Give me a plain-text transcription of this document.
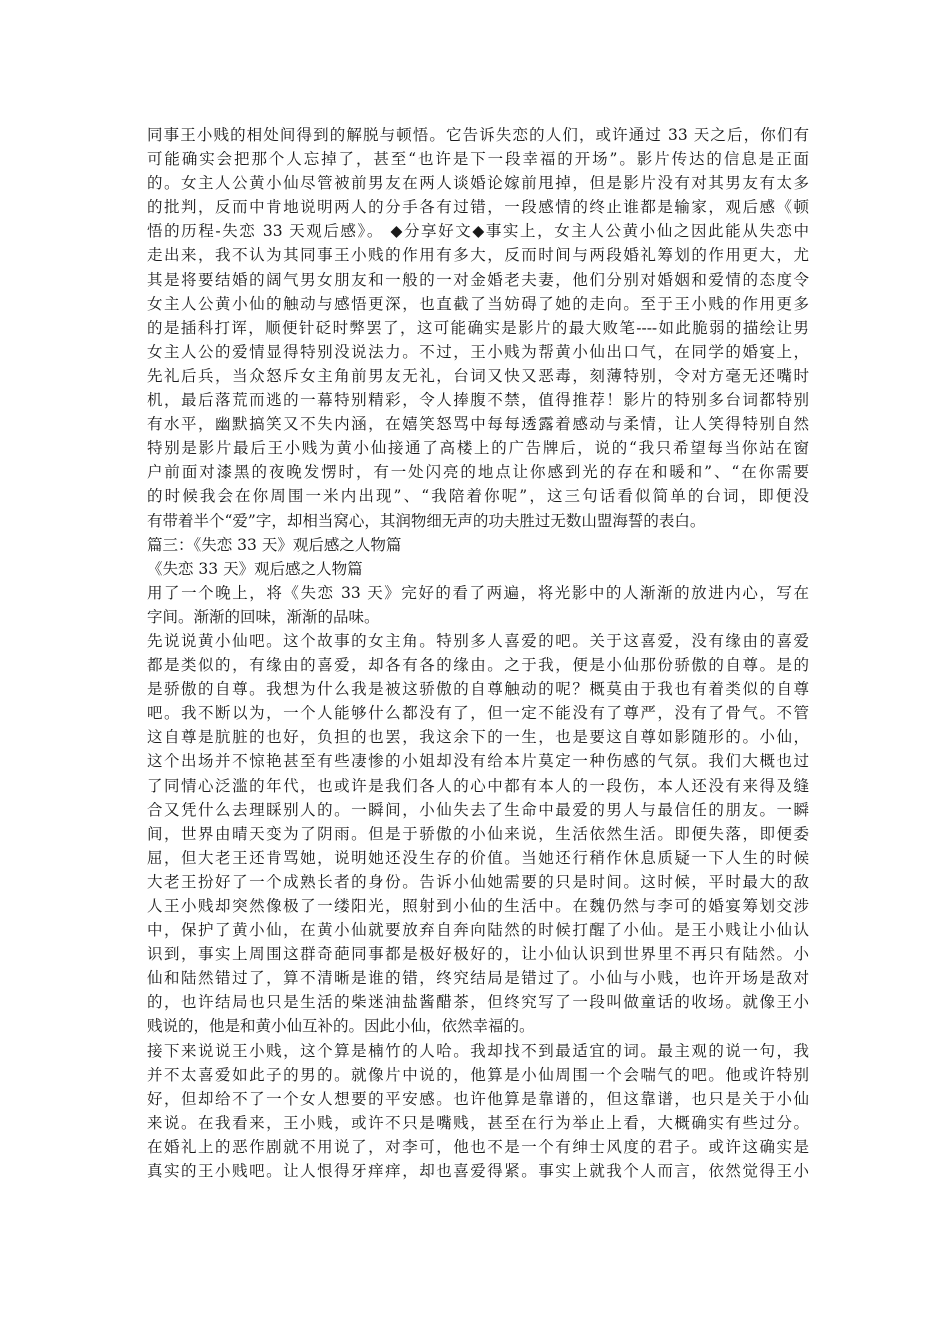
同事王小贱的相处间得到的解脱与顿悟。它告诉失恋的人们，或许通过 33 天之后，你们有
可能确实会把那个人忘掉了，甚至“也许是下一段幸福的开场”。影片传达的信息是正面
的。女主人公黄小仙尽管被前男友在两人谈婚论嫁前甩掉，但是影片没有对其男友有太多
的批判，反而中肯地说明两人的分手各有过错，一段感情的终止谁都是输家，观后感《顿
悟的历程-失恋 33 天观后感》。 ◆分享好文◆事实上，女主人公黄小仙之因此能从失恋中
走出来，我不认为其同事王小贱的作用有多大，反而时间与两段婚礼筹划的作用更大，尤
其是将要结婚的阔气男女朋友和一般的一对金婚老夫妻，他们分别对婚姻和爱情的态度令
女主人公黄小仙的触动与感悟更深，也直截了当妨碍了她的走向。至于王小贱的作用更多
的是插科打诨，顺便针砭时弊罢了，这可能确实是影片的最大败笔----如此脆弱的描绘让男
女主人公的爱情显得特别没说法力。不过，王小贱为帮黄小仙出口气，在同学的婚宴上，
先礼后兵，当众怒斥女主角前男友无礼，台词又快又恶毒，刻薄特别，令对方毫无还嘴时
机，最后落荒而逃的一幕特别精彩，令人捧腹不禁，值得推荐！影片的特别多台词都特别
有水平，幽默搞笑又不失内涵，在嬉笑怒骂中每每透露着感动与柔情，让人笑得特别自然
特别是影片最后王小贱为黄小仙接通了高楼上的广告牌后，说的“我只希望每当你站在窗
户前面对漆黑的夜晚发愣时，有一处闪亮的地点让你感到光的存在和暖和”、“在你需要
的时候我会在你周围一米内出现”、“我陪着你呢”，这三句话看似简单的台词，即便没
有带着半个“爱”字，却相当窝心，其润物细无声的功夫胜过无数山盟海誓的表白。
篇三：《失恋 33 天》观后感之人物篇
《失恋 33 天》观后感之人物篇
用了一个晚上，将《失恋 33 天》完好的看了两遍，将光影中的人渐渐的放进内心，写在
字间。渐渐的回味，渐渐的品味。
先说说黄小仙吧。这个故事的女主角。特别多人喜爱的吧。关于这喜爱，没有缘由的喜爱
都是类似的，有缘由的喜爱，却各有各的缘由。之于我，便是小仙那份骄傲的自尊。是的
是骄傲的自尊。我想为什么我是被这骄傲的自尊触动的呢？概莫由于我也有着类似的自尊
吧。我不断以为，一个人能够什么都没有了，但一定不能没有了尊严，没有了骨气。不管
这自尊是肮脏的也好，负担的也罢，我这余下的一生，也是要这自尊如影随形的。小仙，
这个出场并不惊艳甚至有些凄惨的小姐却没有给本片莫定一种伤感的气氛。我们大概也过
了同情心泛滥的年代，也或许是我们各人的心中都有本人的一段伤，本人还没有来得及缝
合又凭什么去理睬别人的。一瞬间，小仙失去了生命中最爱的男人与最信任的朋友。一瞬
间，世界由晴天变为了阴雨。但是于骄傲的小仙来说，生活依然生活。即便失落，即便委
屈，但大老王还肯骂她，说明她还没生存的价值。当她还行稍作休息质疑一下人生的时候
大老王扮好了一个成熟长者的身份。告诉小仙她需要的只是时间。这时候，平时最大的敌
人王小贱却突然像极了一缕阳光，照射到小仙的生活中。在魏仍然与李可的婚宴筹划交涉
中，保护了黄小仙，在黄小仙就要放弃自奔向陆然的时候打醒了小仙。是王小贱让小仙认
识到，事实上周围这群奇葩同事都是极好极好的，让小仙认识到世界里不再只有陆然。小
仙和陆然错过了，算不清晰是谁的错，终究结局是错过了。小仙与小贱，也许开场是敌对
的，也许结局也只是生活的柴迷油盐酱醋茶，但终究写了一段叫做童话的收场。就像王小
贱说的，他是和黄小仙互补的。因此小仙，依然幸福的。
接下来说说王小贱，这个算是楠竹的人哈。我却找不到最适宜的词。最主观的说一句，我
并不太喜爱如此子的男的。就像片中说的，他算是小仙周围一个会喘气的吧。他或许特别
好，但却给不了一个女人想要的平安感。也许他算是靠谱的，但这靠谱，也只是关于小仙
来说。在我看来，王小贱，或许不只是嘴贱，甚至在行为举止上看，大概确实有些过分。
在婚礼上的恶作剧就不用说了，对李可，他也不是一个有绅士风度的君子。或许这确实是
真实的王小贱吧。让人恨得牙痒痒，却也喜爱得紧。事实上就我个人而言，依然觉得王小
